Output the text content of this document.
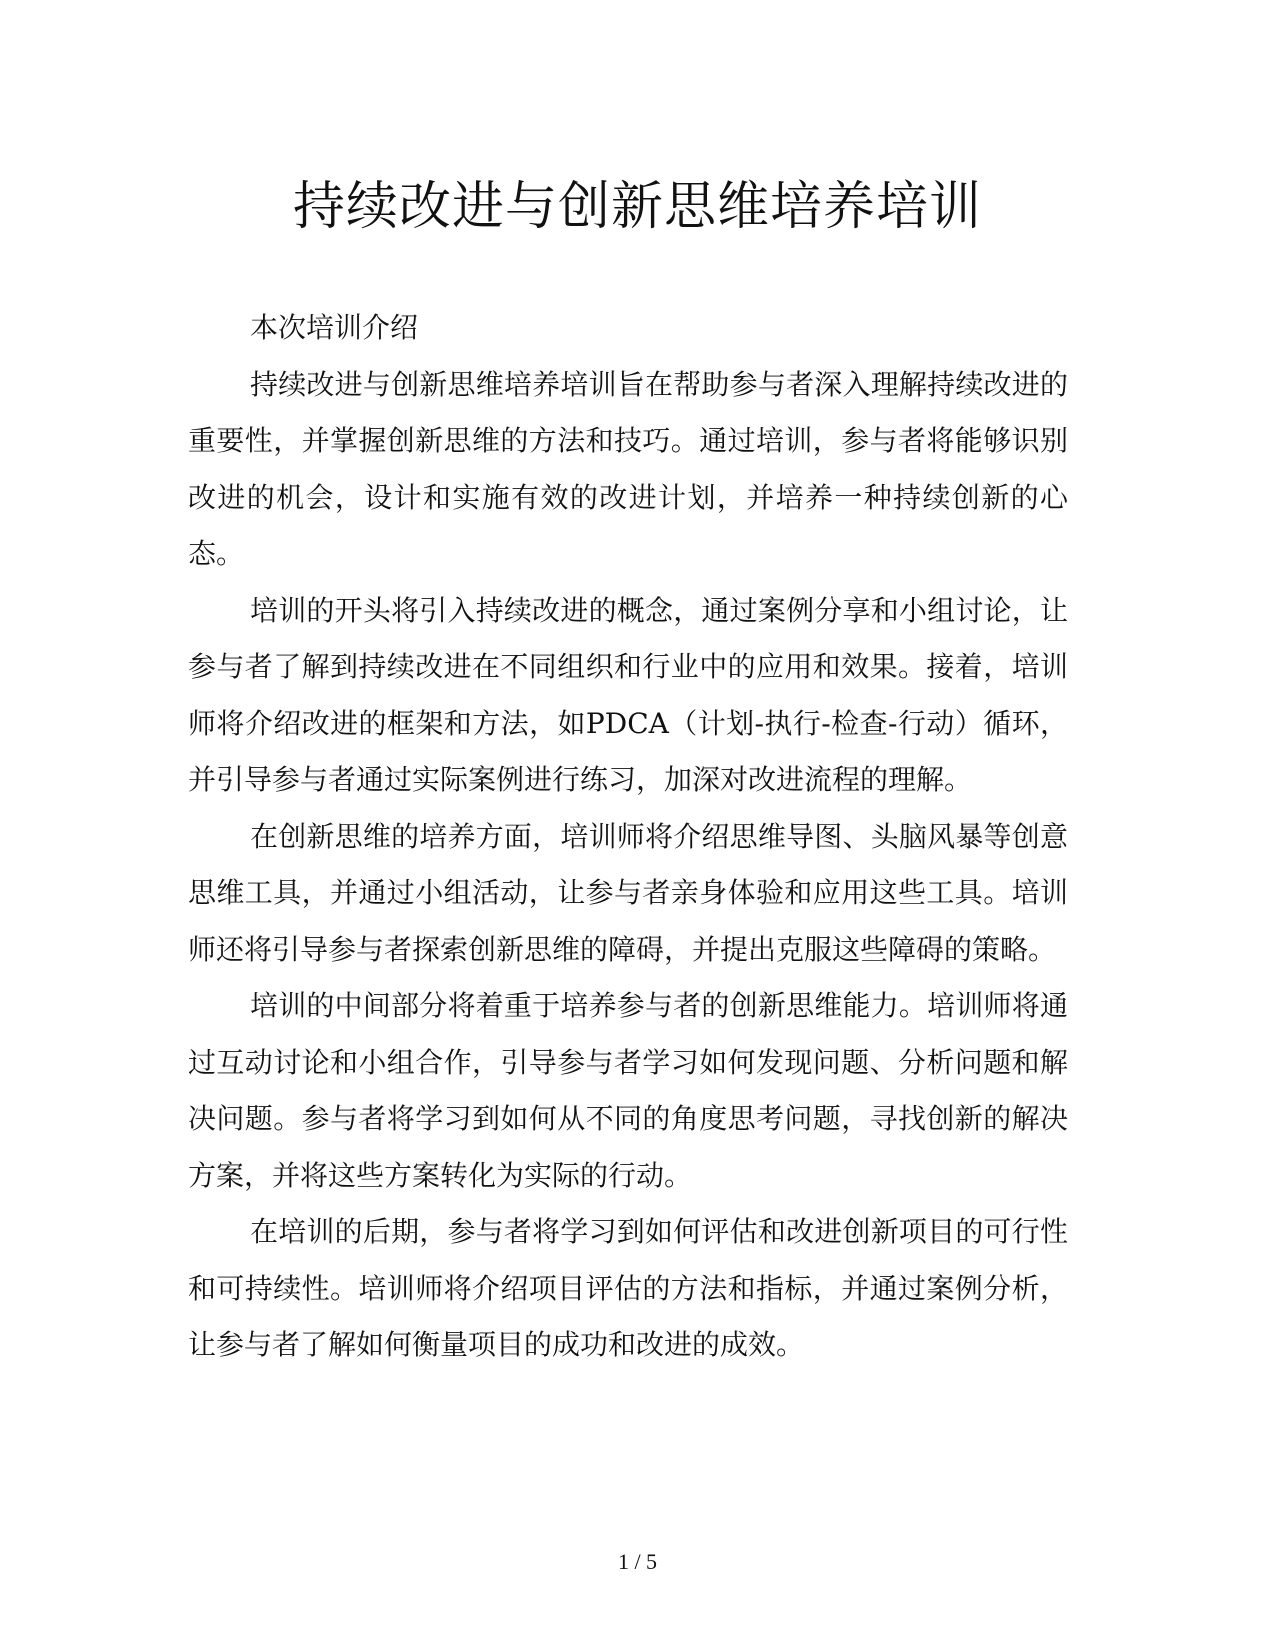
持续改进与创新思维培养培训

本次培训介绍

持续改进与创新思维培养培训旨在帮助参与者深入理解持续改进的重要性，并掌握创新思维的方法和技巧。通过培训，参与者将能够识别改进的机会，设计和实施有效的改进计划，并培养一种持续创新的心态。

培训的开头将引入持续改进的概念，通过案例分享和小组讨论，让参与者了解到持续改进在不同组织和行业中的应用和效果。接着，培训师将介绍改进的框架和方法，如PDCA（计划-执行-检查-行动）循环，并引导参与者通过实际案例进行练习，加深对改进流程的理解。

在创新思维的培养方面，培训师将介绍思维导图、头脑风暴等创意思维工具，并通过小组活动，让参与者亲身体验和应用这些工具。培训师还将引导参与者探索创新思维的障碍，并提出克服这些障碍的策略。

培训的中间部分将着重于培养参与者的创新思维能力。培训师将通过互动讨论和小组合作，引导参与者学习如何发现问题、分析问题和解决问题。参与者将学习到如何从不同的角度思考问题，寻找创新的解决方案，并将这些方案转化为实际的行动。

在培训的后期，参与者将学习到如何评估和改进创新项目的可行性和可持续性。培训师将介绍项目评估的方法和指标，并通过案例分析，让参与者了解如何衡量项目的成功和改进的成效。

1 / 5
